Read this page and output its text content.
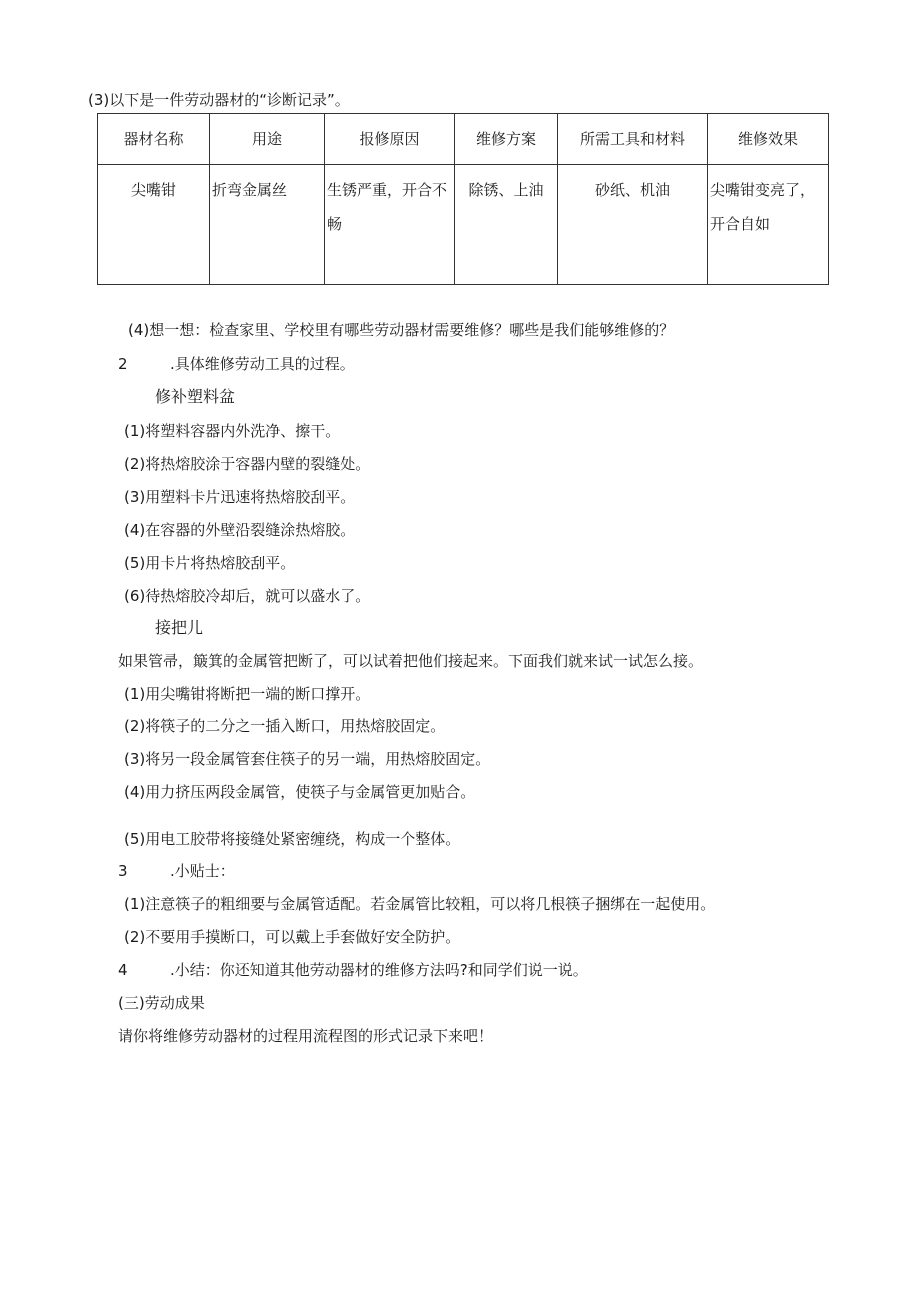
(3)以下是一件劳动器材的“诊断记录”。
器材名称	用途	报修原因	维修方案	所需工具和材料	维修效果
尖嘴钳	折弯金属丝	生锈严重，开合不畅	除锈、上油	砂纸、机油	尖嘴钳变亮了，开合自如
(4)想一想：检查家里、学校里有哪些劳动器材需要维修？哪些是我们能够维修的？
2	.具体维修劳动工具的过程。
修补塑料盆
(1)将塑料容器内外洗净、擦干。
(2)将热熔胶涂于容器内壁的裂缝处。
(3)用塑料卡片迅速将热熔胶刮平。
(4)在容器的外壁沿裂缝涂热熔胶。
(5)用卡片将热熔胶刮平。
(6)待热熔胶冷却后，就可以盛水了。
接把儿
如果管帚，簸箕的金属管把断了，可以试着把他们接起来。下面我们就来试一试怎么接。
(1)用尖嘴钳将断把一端的断口撑开。
(2)将筷子的二分之一插入断口，用热熔胶固定。
(3)将另一段金属管套住筷子的另一端，用热熔胶固定。
(4)用力挤压两段金属管，使筷子与金属管更加贴合。
(5)用电工胶带将接缝处紧密缠绕，构成一个整体。
3	.小贴士：
(1)注意筷子的粗细要与金属管适配。若金属管比较粗，可以将几根筷子捆绑在一起使用。
(2)不要用手摸断口，可以戴上手套做好安全防护。
4	.小结：你还知道其他劳动器材的维修方法吗?和同学们说一说。
(三)劳动成果
请你将维修劳动器材的过程用流程图的形式记录下来吧！
